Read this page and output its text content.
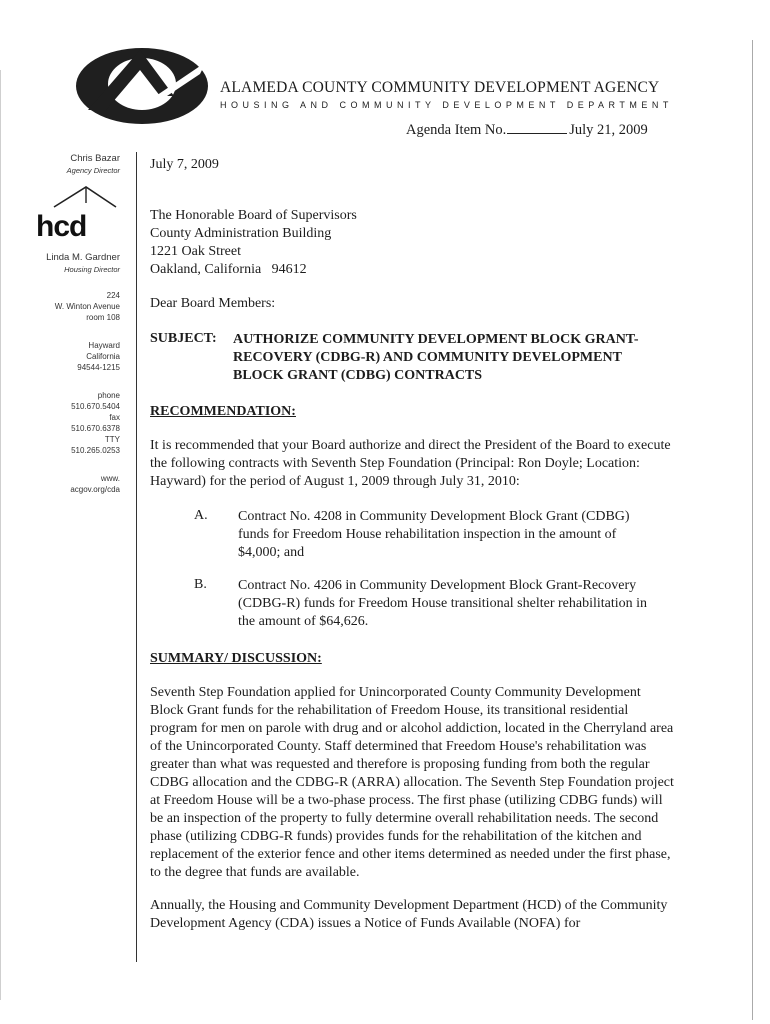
ALAMEDA COUNTY COMMUNITY DEVELOPMENT AGENCY
HOUSING AND COMMUNITY DEVELOPMENT DEPARTMENT
Agenda Item No.	July 21, 2009
Chris Bazar
Agency Director
hcd
Linda M. Gardner
Housing Director
224
W. Winton Avenue
room 108
Hayward
California
94544-1215
phone
510.670.5404
fax
510.670.6378
TTY
510.265.0253
www.
acgov.org/cda
July 7, 2009
The Honorable Board of Supervisors
County Administration Building
1221 Oak Street
Oakland, California   94612
Dear Board Members:
SUBJECT: AUTHORIZE COMMUNITY DEVELOPMENT BLOCK GRANT-RECOVERY (CDBG-R) AND COMMUNITY DEVELOPMENT BLOCK GRANT (CDBG) CONTRACTS
RECOMMENDATION:
It is recommended that your Board authorize and direct the President of the Board to execute the following contracts with Seventh Step Foundation (Principal: Ron Doyle; Location: Hayward) for the period of August 1, 2009 through July 31, 2010:
A. Contract No. 4208 in Community Development Block Grant (CDBG) funds for Freedom House rehabilitation inspection in the amount of $4,000; and
B. Contract No. 4206 in Community Development Block Grant-Recovery (CDBG-R) funds for Freedom House transitional shelter rehabilitation in the amount of $64,626.
SUMMARY/ DISCUSSION:
Seventh Step Foundation applied for Unincorporated County Community Development Block Grant funds for the rehabilitation of Freedom House, its transitional residential program for men on parole with drug and or alcohol addiction, located in the Cherryland area of the Unincorporated County. Staff determined that Freedom House's rehabilitation was greater than what was requested and therefore is proposing funding from both the regular CDBG allocation and the CDBG-R (ARRA) allocation. The Seventh Step Foundation project at Freedom House will be a two-phase process. The first phase (utilizing CDBG funds) will be an inspection of the property to fully determine overall rehabilitation needs. The second phase (utilizing CDBG-R funds) provides funds for the rehabilitation of the kitchen and replacement of the exterior fence and other items determined as needed under the first phase, to the degree that funds are available.
Annually, the Housing and Community Development Department (HCD) of the Community Development Agency (CDA) issues a Notice of Funds Available (NOFA) for
